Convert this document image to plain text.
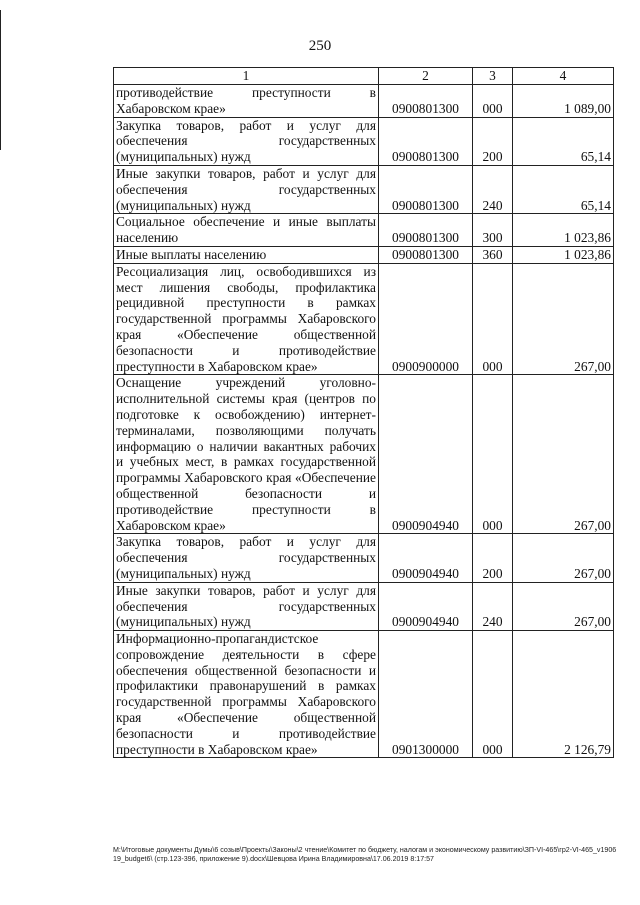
250
1	2	3	4
противодействие преступности в Хабаровском крае»	0900801300	000	1 089,00
Закупка товаров, работ и услуг для обеспечения государственных (муниципальных) нужд	0900801300	200	65,14
Иные закупки товаров, работ и услуг для обеспечения государственных (муниципальных) нужд	0900801300	240	65,14
Социальное обеспечение и иные выплаты населению	0900801300	300	1 023,86
Иные выплаты населению	0900801300	360	1 023,86
Ресоциализация лиц, освободившихся из мест лишения свободы, профилактика рецидивной преступности в рамках государственной программы Хабаровского края «Обеспечение общественной безопасности и противодействие преступности в Хабаровском крае»	0900900000	000	267,00
Оснащение учреждений уголовно-исполнительной системы края (центров по подготовке к освобождению) интернет-терминалами, позволяющими получать информацию о наличии вакантных рабочих и учебных мест, в рамках государственной программы Хабаровского края «Обеспечение общественной безопасности и противодействие преступности в Хабаровском крае»	0900904940	000	267,00
Закупка товаров, работ и услуг для обеспечения государственных (муниципальных) нужд	0900904940	200	267,00
Иные закупки товаров, работ и услуг для обеспечения государственных (муниципальных) нужд	0900904940	240	267,00
Информационно-пропагандистское сопровождение деятельности в сфере обеспечения общественной безопасности и профилактики правонарушений в рамках государственной программы Хабаровского края «Обеспечение общественной безопасности и противодействие преступности в Хабаровском крае»	0901300000	000	2 126,79
М:\Итоговые документы Думы\6 созыв\Проекты\Законы\2 чтение\Комитет по бюджету, налогам и экономическому развитию\ЗП-VI-465\гр2-VI-465_v190619_budget6\ (стр.123-396, приложение 9).docx\Шевцова Ирина Владимировна\17.06.2019 8:17:57
